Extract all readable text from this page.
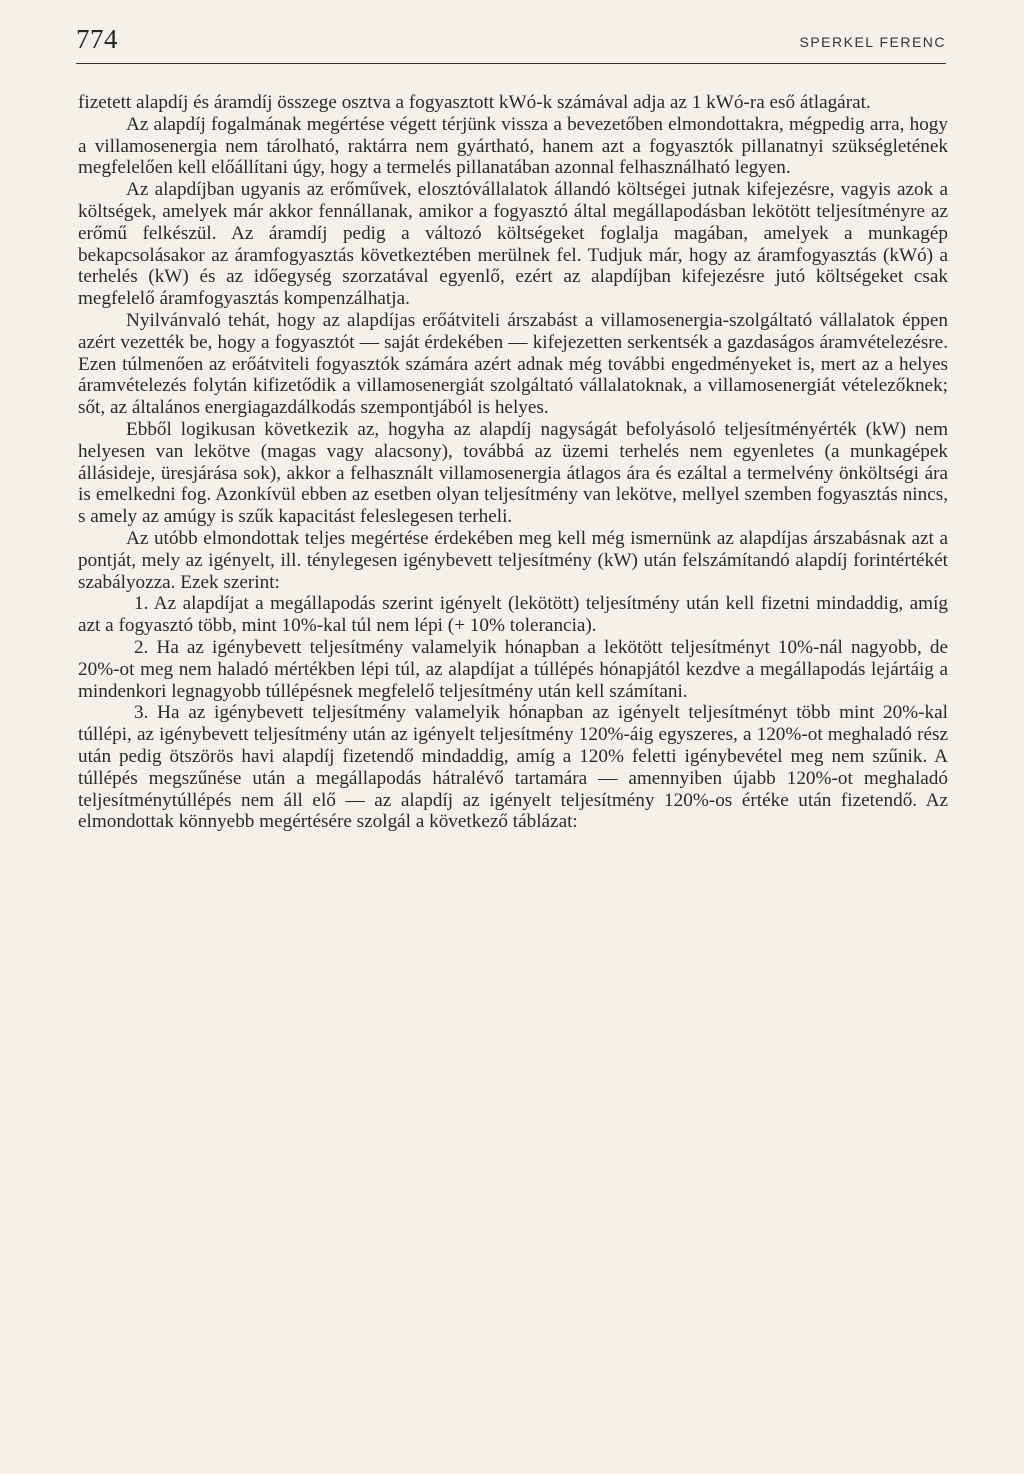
774	SPERKEL FERENC

fizetett alapdíj és áramdíj összege osztva a fogyasztott kWó-k számával adja az 1 kWó-ra eső átlagárat.

Az alapdíj fogalmának megértése végett térjünk vissza a bevezetőben elmondottakra, mégpedig arra, hogy a villamosenergia nem tárolható, raktárra nem gyártható, hanem azt a fogyasztók pillanatnyi szükségletének megfelelően kell előállítani úgy, hogy a termelés pillanatában azonnal felhasználható legyen.

Az alapdíjban ugyanis az erőművek, elosztóvállalatok állandó költségei jutnak kifejezésre, vagyis azok a költségek, amelyek már akkor fennállanak, amikor a fogyasztó által megállapodásban lekötött teljesítményre az erőmű felkészül. Az áramdíj pedig a változó költségeket foglalja magában, amelyek a munkagép bekapcsolásakor az áramfogyasztás következtében merülnek fel. Tudjuk már, hogy az áramfogyasztás (kWó) a terhelés (kW) és az időegység szorzatával egyenlő, ezért az alapdíjban kifejezésre jutó költségeket csak megfelelő áramfogyasztás kompenzálhatja.

Nyilvánvaló tehát, hogy az alapdíjas erőátviteli árszabást a villamosenergia-szolgáltató vállalatok éppen azért vezették be, hogy a fogyasztót — saját érdekében — kifejezetten serkentsék a gazdaságos áramvételezésre. Ezen túlmenően az erőátviteli fogyasztók számára azért adnak még további engedményeket is, mert az a helyes áramvételezés folytán kifizetődik a villamosenergiát szolgáltató vállalatoknak, a villamosenergiát vételezőknek; sőt, az általános energiagazdálkodás szempontjából is helyes.

Ebből logikusan következik az, hogyha az alapdíj nagyságát befolyásoló teljesítményérték (kW) nem helyesen van lekötve (magas vagy alacsony), továbbá az üzemi terhelés nem egyenletes (a munkagépek állásideje, üresjárása sok), akkor a felhasznált villamosenergia átlagos ára és ezáltal a termelvény önköltségi ára is emelkedni fog. Azonkívül ebben az esetben olyan teljesítmény van lekötve, mellyel szemben fogyasztás nincs, s amely az amúgy is szűk kapacitást feleslegesen terheli.

Az utóbb elmondottak teljes megértése érdekében meg kell még ismernünk az alapdíjas árszabásnak azt a pontját, mely az igényelt, ill. ténylegesen igénybevett teljesítmény (kW) után felszámítandó alapdíj forintértékét szabályozza. Ezek szerint:

1. Az alapdíjat a megállapodás szerint igényelt (lekötött) teljesítmény után kell fizetni mindaddig, amíg azt a fogyasztó több, mint 10%-kal túl nem lépi (+ 10% tolerancia).

2. Ha az igénybevett teljesítmény valamelyik hónapban a lekötött teljesítményt 10%-nál nagyobb, de 20%-ot meg nem haladó mértékben lépi túl, az alapdíjat a túllépés hónapjától kezdve a megállapodás lejártáig a mindenkori legnagyobb túllépésnek megfelelő teljesítmény után kell számítani.

3. Ha az igénybevett teljesítmény valamelyik hónapban az igényelt teljesítményt több mint 20%-kal túllépi, az igénybevett teljesítmény után az igényelt teljesítmény 120%-áig egyszeres, a 120%-ot meghaladó rész után pedig ötszörös havi alapdíj fizetendő mindaddig, amíg a 120% feletti igénybevétel meg nem szűnik. A túllépés megszűnése után a megállapodás hátralévő tartamára — amennyiben újabb 120%-ot meghaladó teljesítménytúllépés nem áll elő — az alapdíj az igényelt teljesítmény 120%-os értéke után fizetendő. Az elmondottak könnyebb megértésére szolgál a következő táblázat:
